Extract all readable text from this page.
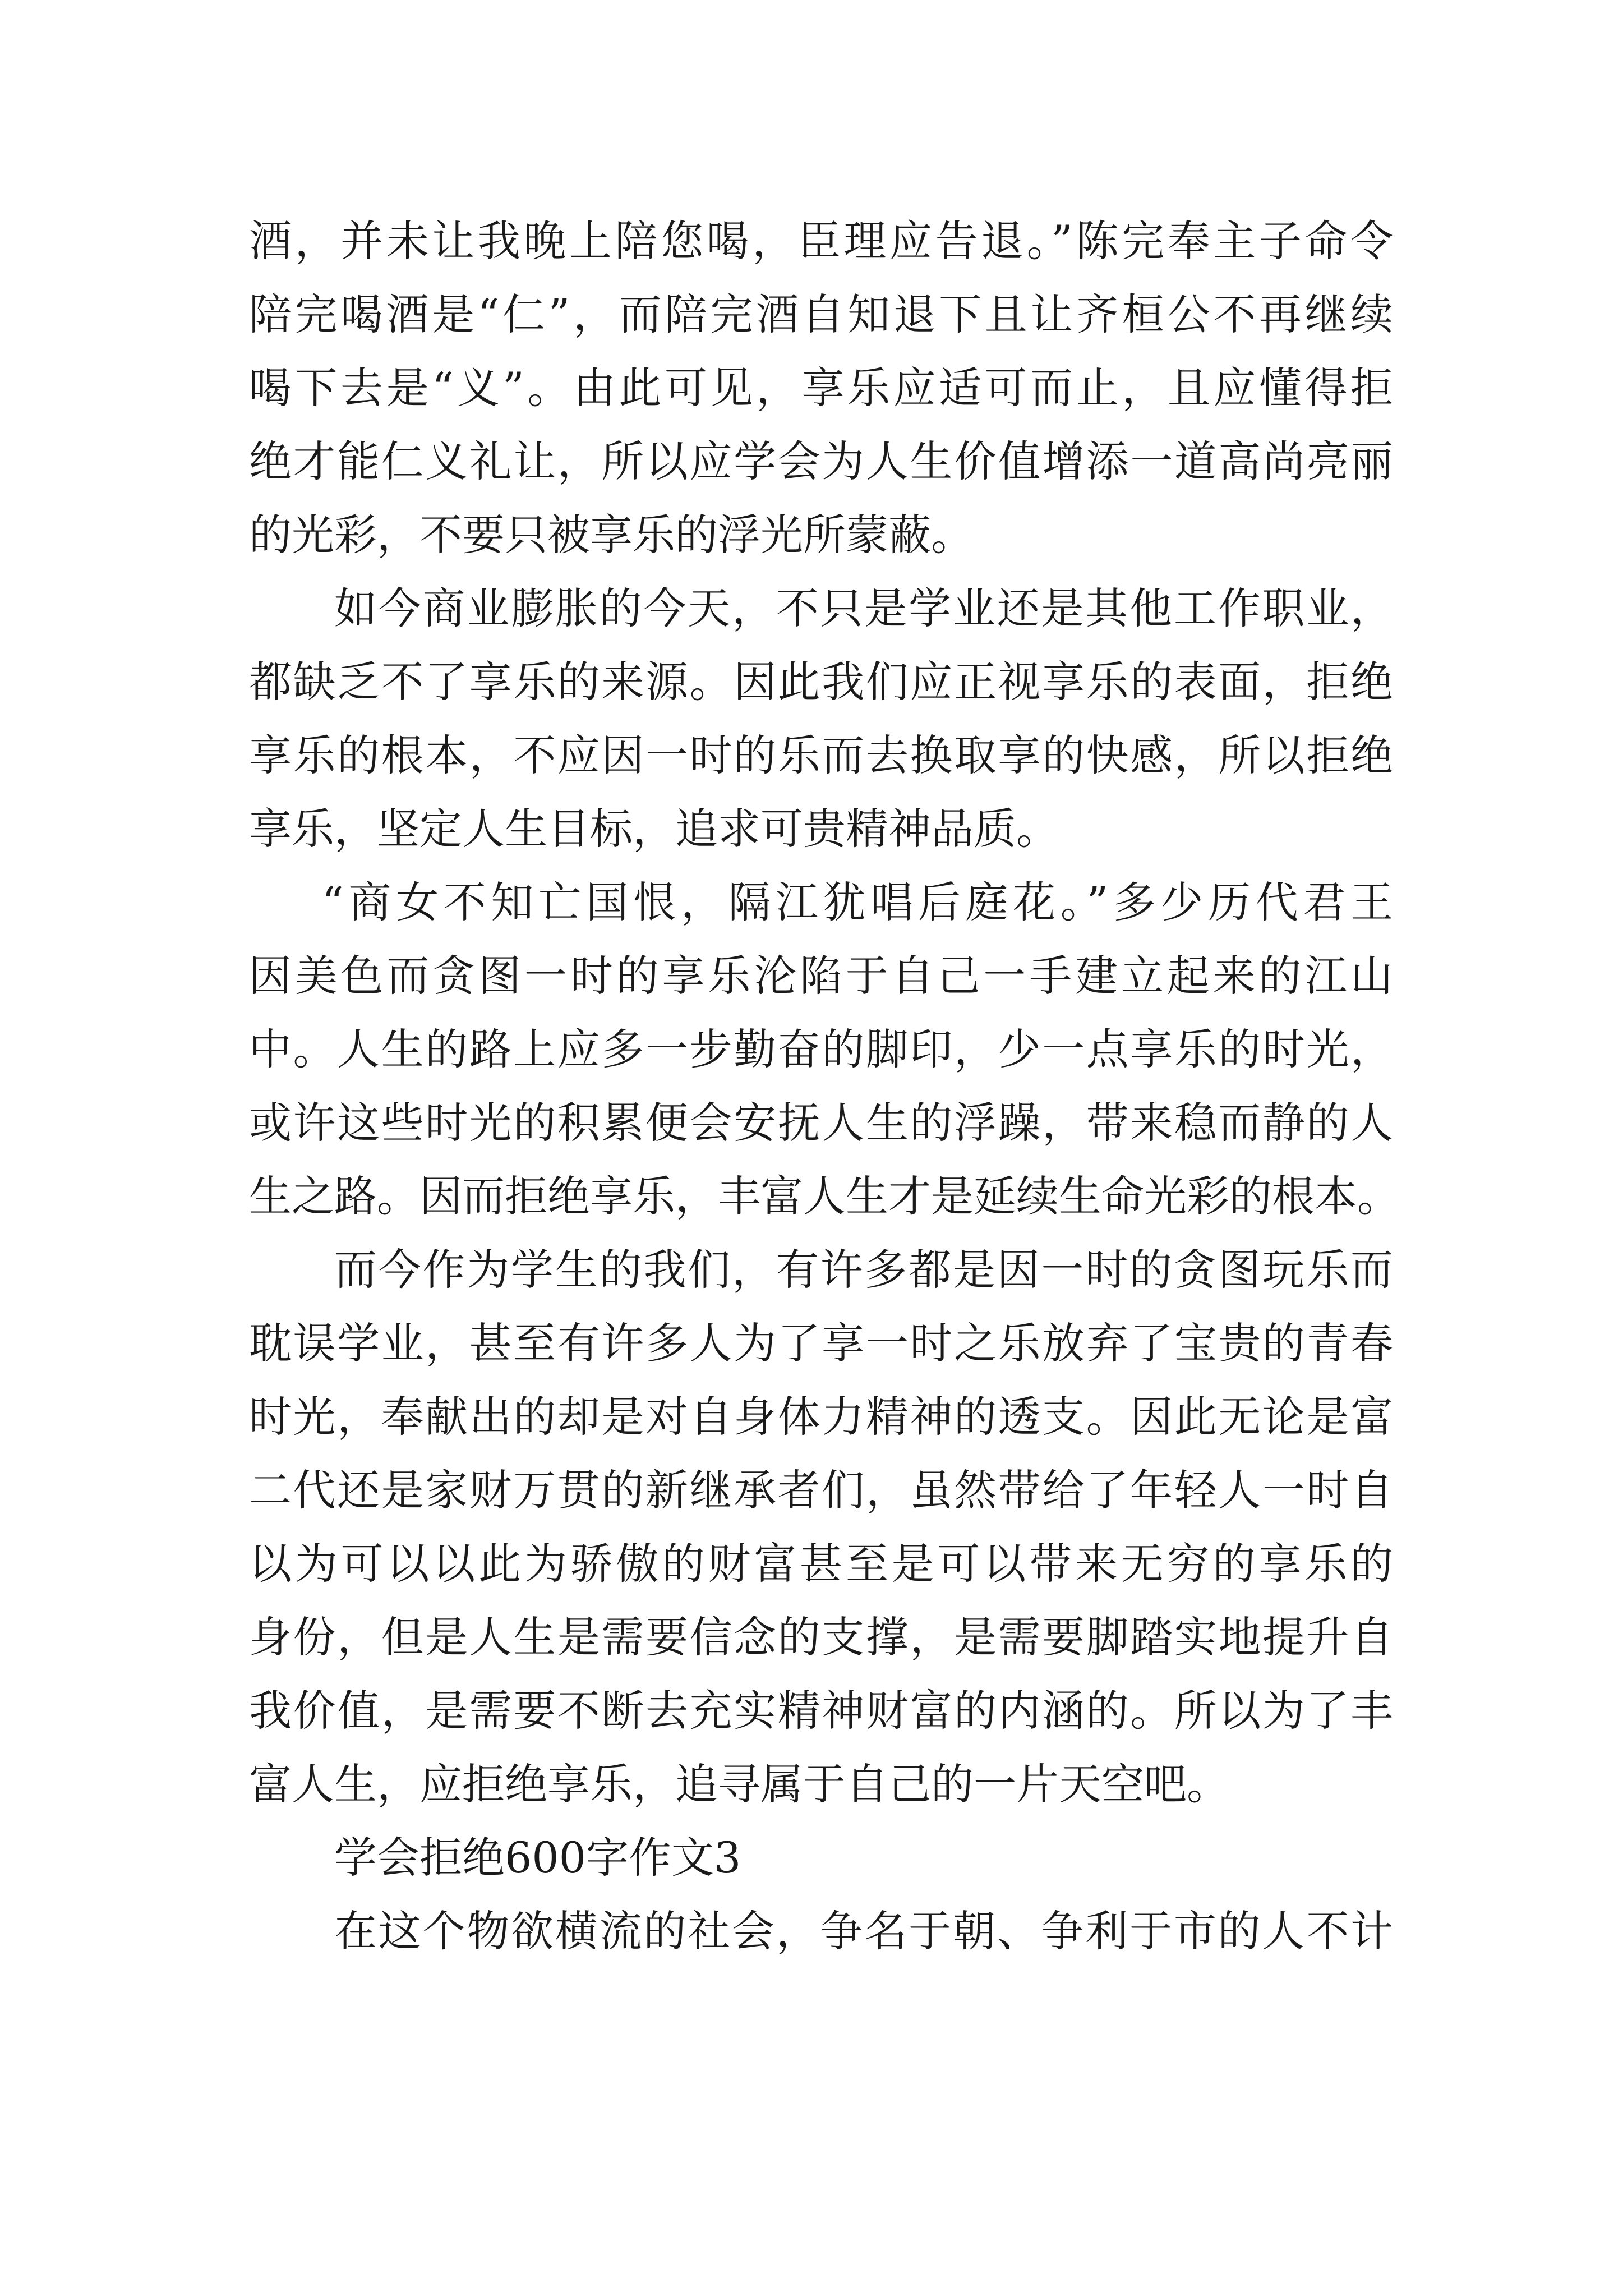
酒，并未让我晚上陪您喝，臣理应告退。”陈完奉主子命令
陪完喝酒是“仁”，而陪完酒自知退下且让齐桓公不再继续
喝下去是“义”。由此可见，享乐应适可而止，且应懂得拒
绝才能仁义礼让，所以应学会为人生价值增添一道高尚亮丽
的光彩，不要只被享乐的浮光所蒙蔽。
如今商业膨胀的今天，不只是学业还是其他工作职业，
都缺乏不了享乐的来源。因此我们应正视享乐的表面，拒绝
享乐的根本，不应因一时的乐而去换取享的快感，所以拒绝
享乐，坚定人生目标，追求可贵精神品质。
“商女不知亡国恨，隔江犹唱后庭花。”多少历代君王
因美色而贪图一时的享乐沦陷于自己一手建立起来的江山
中。人生的路上应多一步勤奋的脚印，少一点享乐的时光，
或许这些时光的积累便会安抚人生的浮躁，带来稳而静的人
生之路。因而拒绝享乐，丰富人生才是延续生命光彩的根本。
而今作为学生的我们，有许多都是因一时的贪图玩乐而
耽误学业，甚至有许多人为了享一时之乐放弃了宝贵的青春
时光，奉献出的却是对自身体力精神的透支。因此无论是富
二代还是家财万贯的新继承者们，虽然带给了年轻人一时自
以为可以以此为骄傲的财富甚至是可以带来无穷的享乐的
身份，但是人生是需要信念的支撑，是需要脚踏实地提升自
我价值，是需要不断去充实精神财富的内涵的。所以为了丰
富人生，应拒绝享乐，追寻属于自己的一片天空吧。
学会拒绝600字作文3
在这个物欲横流的社会，争名于朝、争利于市的人不计
